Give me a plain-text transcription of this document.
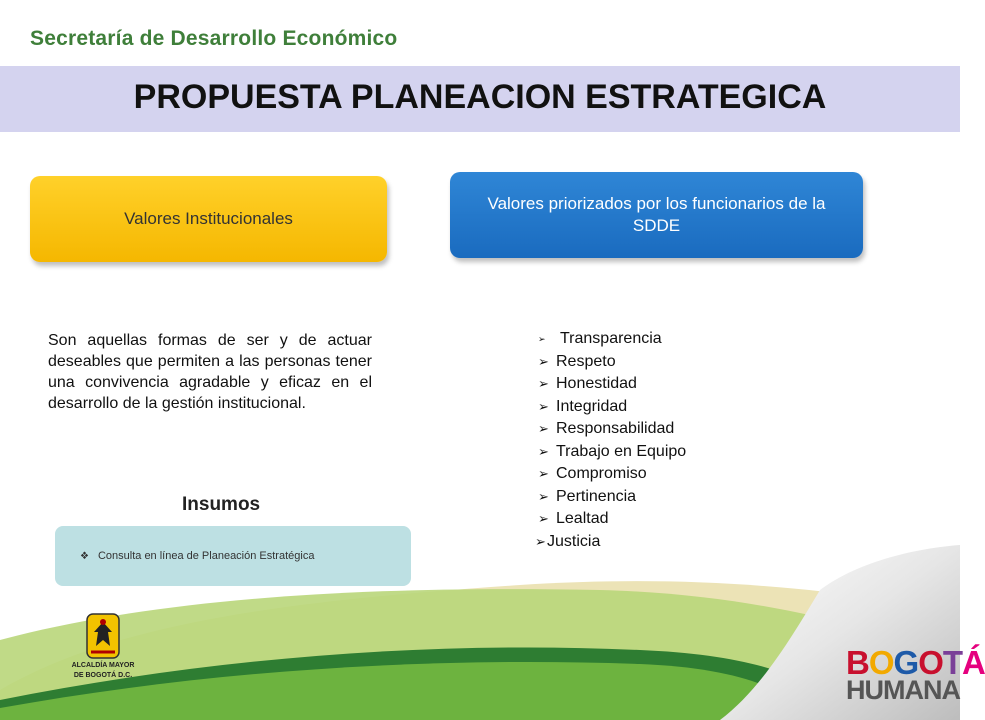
Secretaría de Desarrollo Económico
PROPUESTA PLANEACION ESTRATEGICA
Valores Institucionales
Valores priorizados por los funcionarios de la SDDE
Son aquellas formas de ser y de actuar deseables que permiten a las personas tener una convivencia agradable y eficaz en el desarrollo de la gestión institucional.
➢ Transparencia
➢ Respeto
➢ Honestidad
➢ Integridad
➢ Responsabilidad
➢ Trabajo en Equipo
➢ Compromiso
➢ Pertinencia
➢ Lealtad
➢ Justicia
Insumos
❖ Consulta en línea de Planeación Estratégica
ALCALDÍA MAYOR
DE BOGOTÁ D.C.	BOGOTÁ
HUMANA
